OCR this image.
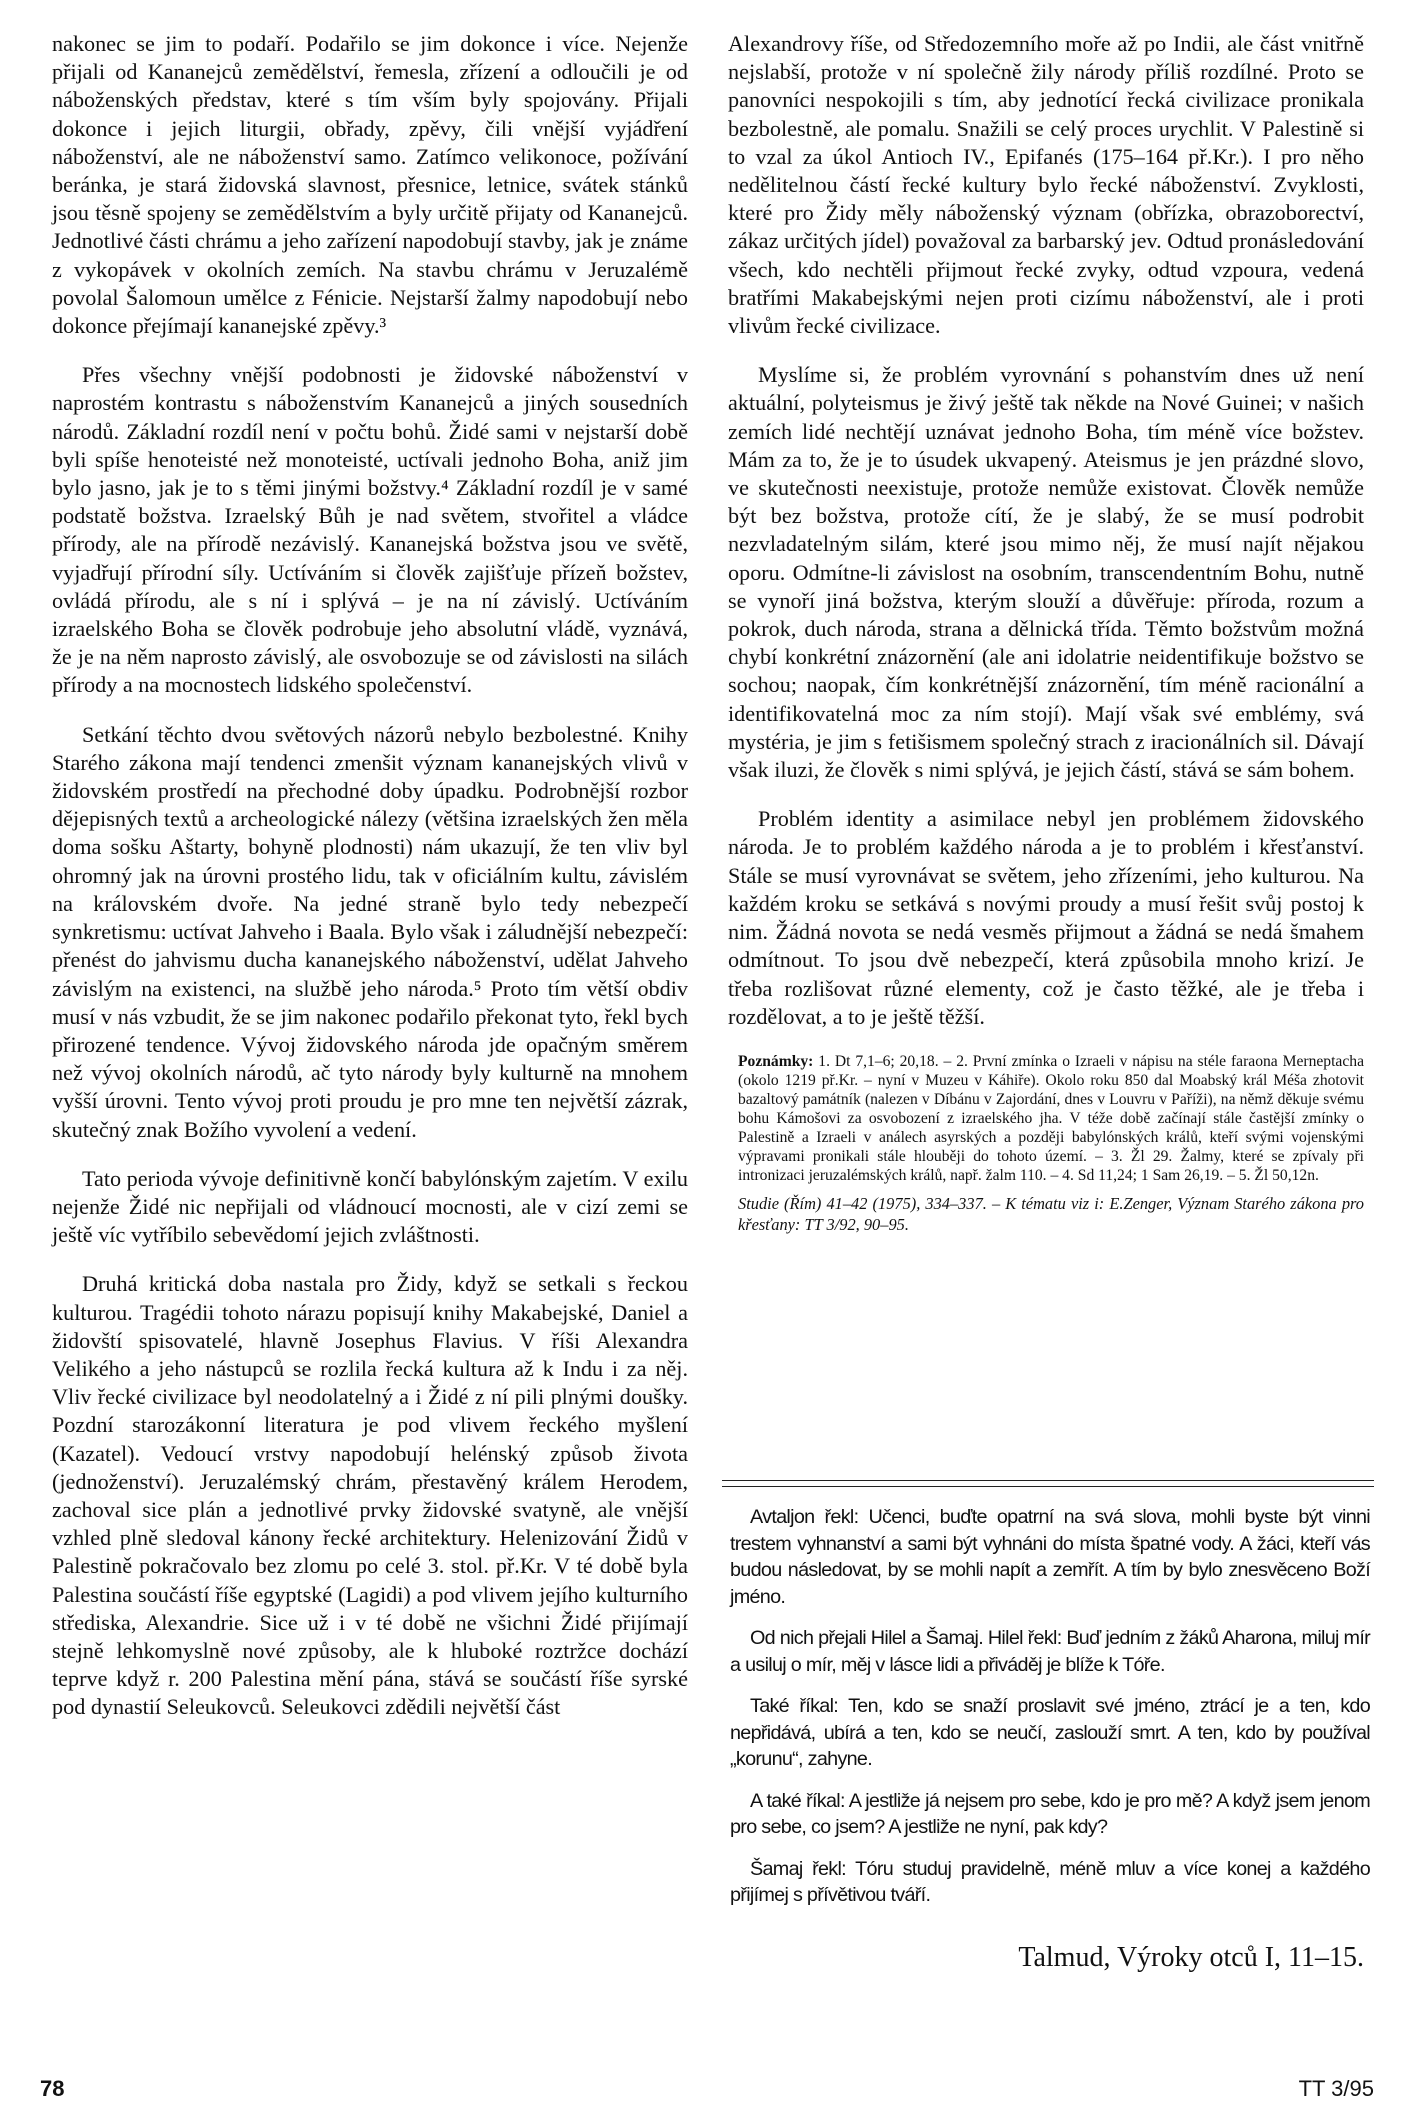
nakonec se jim to podaří. Podařilo se jim dokonce i více. Nejenže přijali od Kananejců zemědělství, řemesla, zřízení a odloučili je od náboženských představ, které s tím vším byly spojovány. Přijali dokonce i jejich liturgii, obřady, zpěvy, čili vnější vyjádření náboženství, ale ne náboženství samo. Zatímco velikonoce, požívání beránka, je stará židovská slavnost, přesnice, letnice, svátek stánků jsou těsně spojeny se zemědělstvím a byly určitě přijaty od Kananejců. Jednotlivé části chrámu a jeho zařízení napodobují stavby, jak je známe z vykopávek v okolních zemích. Na stavbu chrámu v Jeruzalémě povolal Šalomoun umělce z Fénicie. Nejstarší žalmy napodobují nebo dokonce přejímají kananejské zpěvy.³

Přes všechny vnější podobnosti je židovské náboženství v naprostém kontrastu s náboženstvím Kananejců a jiných sousedních národů. Základní rozdíl není v počtu bohů. Židé sami v nejstarší době byli spíše henoteisté než monoteisté, uctívali jednoho Boha, aniž jim bylo jasno, jak je to s těmi jinými božstvy.⁴ Základní rozdíl je v samé podstatě božstva. Izraelský Bůh je nad světem, stvořitel a vládce přírody, ale na přírodě nezávislý. Kananejská božstva jsou ve světě, vyjadřují přírodní síly. Uctíváním si člověk zajišťuje přízeň božstev, ovládá přírodu, ale s ní i splývá – je na ní závislý. Uctíváním izraelského Boha se člověk podrobuje jeho absolutní vládě, vyznává, že je na něm naprosto závislý, ale osvobozuje se od závislosti na silách přírody a na mocnostech lidského společenství.

Setkání těchto dvou světových názorů nebylo bezbolestné. Knihy Starého zákona mají tendenci zmenšit význam kananejských vlivů v židovském prostředí na přechodné doby úpadku. Podrobnější rozbor dějepisných textů a archeologické nálezy (většina izraelských žen měla doma sošku Aštarty, bohyně plodnosti) nám ukazují, že ten vliv byl ohromný jak na úrovni prostého lidu, tak v oficiálním kultu, závislém na královském dvoře. Na jedné straně bylo tedy nebezpečí synkretismu: uctívat Jahveho i Baala. Bylo však i záludnější nebezpečí: přenést do jahvismu ducha kananejského náboženství, udělat Jahveho závislým na existenci, na službě jeho národa.⁵ Proto tím větší obdiv musí v nás vzbudit, že se jim nakonec podařilo překonat tyto, řekl bych přirozené tendence. Vývoj židovského národa jde opačným směrem než vývoj okolních národů, ač tyto národy byly kulturně na mnohem vyšší úrovni. Tento vývoj proti proudu je pro mne ten největší zázrak, skutečný znak Božího vyvolení a vedení.

Tato perioda vývoje definitivně končí babylónským zajetím. V exilu nejenže Židé nic nepřijali od vládnoucí mocnosti, ale v cizí zemi se ještě víc vytříbilo sebevědomí jejich zvláštnosti.

Druhá kritická doba nastala pro Židy, když se setkali s řeckou kulturou. Tragédii tohoto nárazu popisují knihy Makabejské, Daniel a židovští spisovatelé, hlavně Josephus Flavius. V říši Alexandra Velikého a jeho nástupců se rozlila řecká kultura až k Indu i za něj. Vliv řecké civilizace byl neodolatelný a i Židé z ní pili plnými doušky. Pozdní starozákonní literatura je pod vlivem řeckého myšlení (Kazatel). Vedoucí vrstvy napodobují helénský způsob života (jednoženství). Jeruzalémský chrám, přestavěný králem Herodem, zachoval sice plán a jednotlivé prvky židovské svatyně, ale vnější vzhled plně sledoval kánony řecké architektury. Helenizování Židů v Palestině pokračovalo bez zlomu po celé 3. stol. př.Kr. V té době byla Palestina součástí říše egyptské (Lagidi) a pod vlivem jejího kulturního střediska, Alexandrie. Sice už i v té době ne všichni Židé přijímají stejně lehkomyslně nové způsoby, ale k hluboké roztržce dochází teprve když r. 200 Palestina mění pána, stává se součástí říše syrské pod dynastií Seleukovců. Seleukovci zdědili největší část

Alexandrovy říše, od Středozemního moře až po Indii, ale část vnitřně nejslabší, protože v ní společně žily národy příliš rozdílné. Proto se panovníci nespokojili s tím, aby jednotící řecká civilizace pronikala bezbolestně, ale pomalu. Snažili se celý proces urychlit. V Palestině si to vzal za úkol Antioch IV., Epifanés (175–164 př.Kr.). I pro něho nedělitelnou částí řecké kultury bylo řecké náboženství. Zvyklosti, které pro Židy měly náboženský význam (obřízka, obrazoborectví, zákaz určitých jídel) považoval za barbarský jev. Odtud pronásledování všech, kdo nechtěli přijmout řecké zvyky, odtud vzpoura, vedená bratřími Makabejskými nejen proti cizímu náboženství, ale i proti vlivům řecké civilizace.

Myslíme si, že problém vyrovnání s pohanstvím dnes už není aktuální, polyteismus je živý ještě tak někde na Nové Guinei; v našich zemích lidé nechtějí uznávat jednoho Boha, tím méně více božstev. Mám za to, že je to úsudek ukvapený. Ateismus je jen prázdné slovo, ve skutečnosti neexistuje, protože nemůže existovat. Člověk nemůže být bez božstva, protože cítí, že je slabý, že se musí podrobit nezvladatelným silám, které jsou mimo něj, že musí najít nějakou oporu. Odmítne-li závislost na osobním, transcendentním Bohu, nutně se vynoří jiná božstva, kterým slouží a důvěřuje: příroda, rozum a pokrok, duch národa, strana a dělnická třída. Těmto božstvům možná chybí konkrétní znázornění (ale ani idolatrie neidentifikuje božstvo se sochou; naopak, čím konkrétnější znázornění, tím méně racionální a identifikovatelná moc za ním stojí). Mají však své emblémy, svá mystéria, je jim s fetišismem společný strach z iracionálních sil. Dávají však iluzi, že člověk s nimi splývá, je jejich částí, stává se sám bohem.

Problém identity a asimilace nebyl jen problémem židovského národa. Je to problém každého národa a je to problém i křesťanství. Stále se musí vyrovnávat se světem, jeho zřízeními, jeho kulturou. Na každém kroku se setkává s novými proudy a musí řešit svůj postoj k nim. Žádná novota se nedá vesměs přijmout a žádná se nedá šmahem odmítnout. To jsou dvě nebezpečí, která způsobila mnoho krizí. Je třeba rozlišovat různé elementy, což je často těžké, ale je třeba i rozdělovat, a to je ještě těžší.

Poznámky: 1. Dt 7,1–6; 20,18. – 2. První zmínka o Izraeli v nápisu na stéle faraona Merneptacha (okolo 1219 př.Kr. – nyní v Muzeu v Káhiře). Okolo roku 850 dal Moabský král Méša zhotovit bazaltový památník (nalezen v Díbánu v Zajordání, dnes v Louvru v Paříži), na němž děkuje svému bohu Kámošovi za osvobození z izraelského jha. V téže době začínají stále častější zmínky o Palestině a Izraeli v análech asyrských a později babylónských králů, kteří svými vojenskými výpravami pronikali stále hlouběji do tohoto území. – 3. Žl 29. Žalmy, které se zpívaly při intronizaci jeruzalémských králů, např. žalm 110. – 4. Sd 11,24; 1 Sam 26,19. – 5. Žl 50,12n.
Studie (Řím) 41–42 (1975), 334–337. – K tématu viz i: E.Zenger, Význam Starého zákona pro křesťany: TT 3/92, 90–95.

Avtaljon řekl: Učenci, buďte opatrní na svá slova, mohli byste být vinni trestem vyhnanství a sami být vyhnáni do místa špatné vody. A žáci, kteří vás budou následovat, by se mohli napít a zemřít. A tím by bylo znesvěceno Boží jméno.

Od nich přejali Hilel a Šamaj. Hilel řekl: Buď jedním z žáků Aharona, miluj mír a usiluj o mír, měj v lásce lidi a přiváděj je blíže k Tóře.

Také říkal: Ten, kdo se snaží proslavit své jméno, ztrácí je a ten, kdo nepřidává, ubírá a ten, kdo se neučí, zaslouží smrt. A ten, kdo by používal „korunu“, zahyne.

A také říkal: A jestliže já nejsem pro sebe, kdo je pro mě? A když jsem jenom pro sebe, co jsem? A jestliže ne nyní, pak kdy?

Šamaj řekl: Tóru studuj pravidelně, méně mluv a více konej a každého přijímej s přívětivou tváří.

Talmud, Výroky otců I, 11–15.
78	TT 3/95
